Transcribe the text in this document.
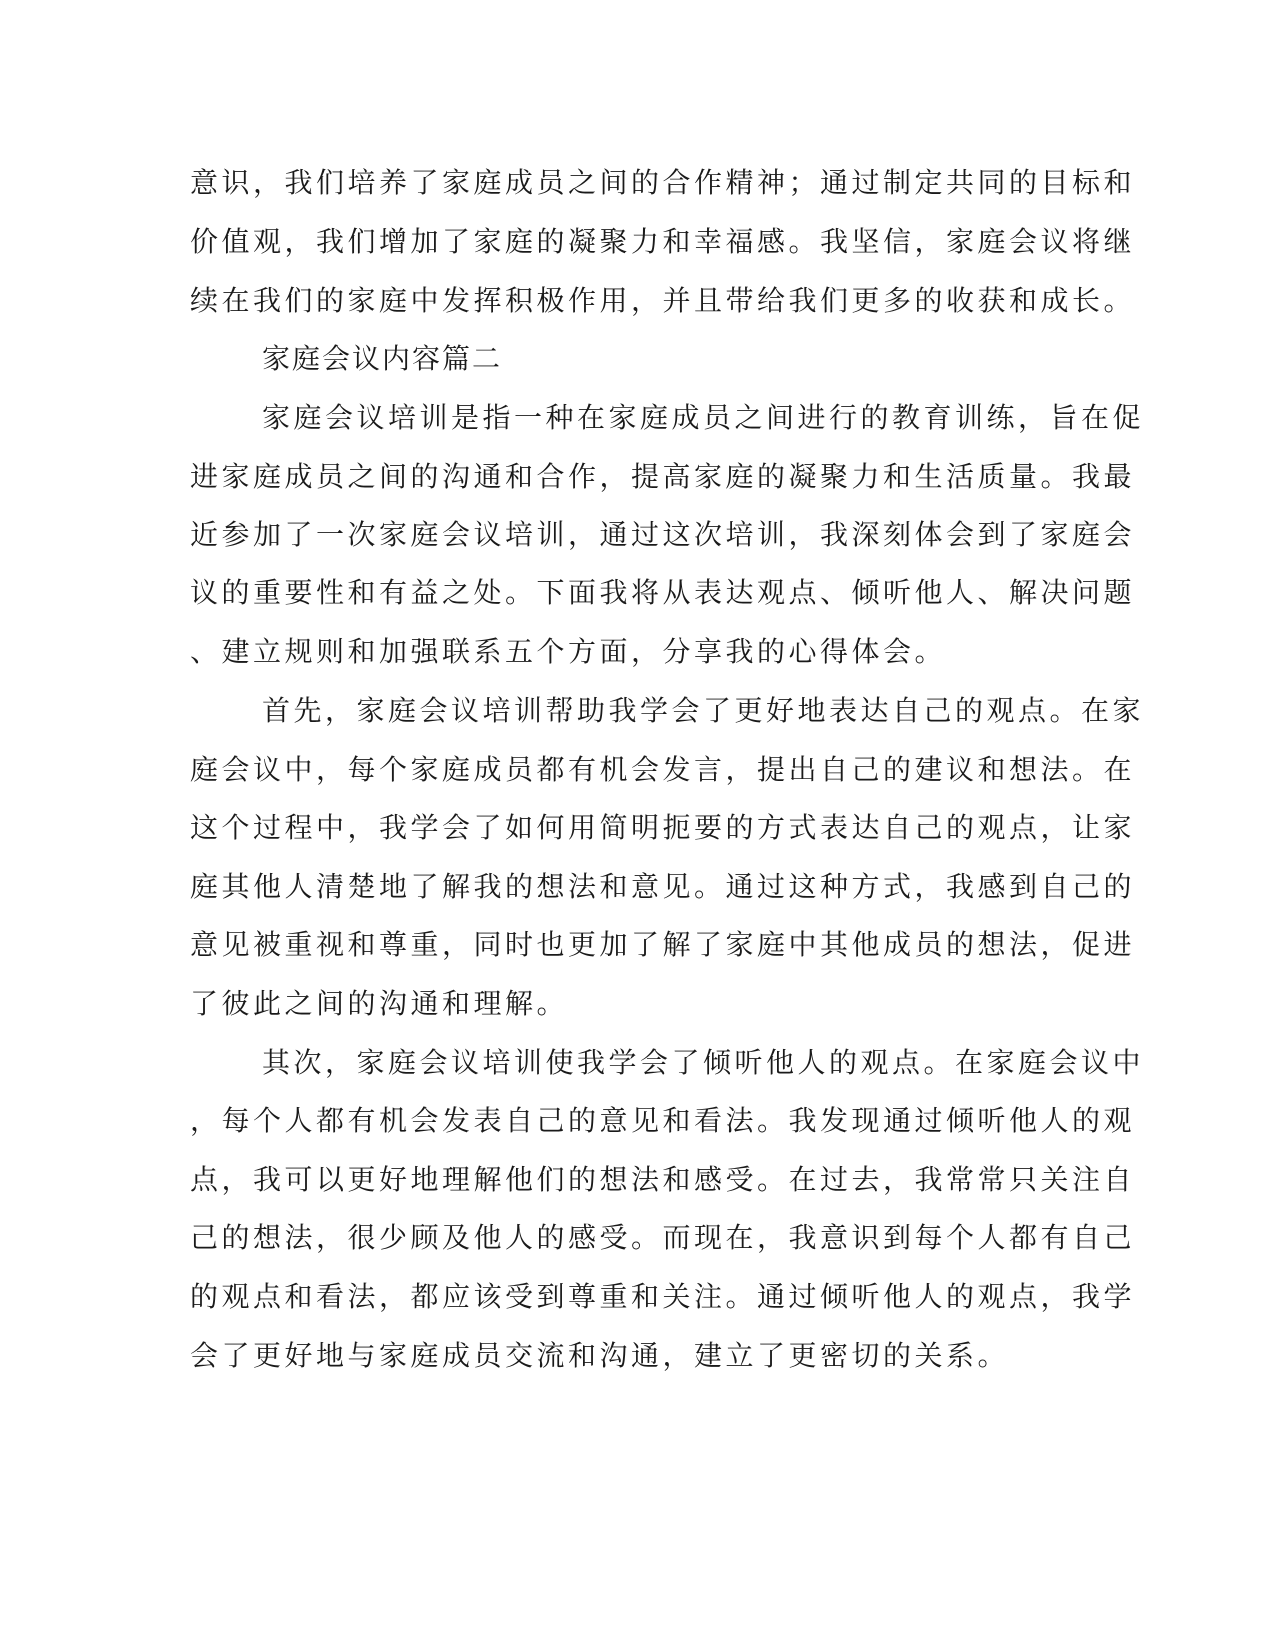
意识，我们培养了家庭成员之间的合作精神；通过制定共同的目标和
价值观，我们增加了家庭的凝聚力和幸福感。我坚信，家庭会议将继
续在我们的家庭中发挥积极作用，并且带给我们更多的收获和成长。
家庭会议内容篇二
家庭会议培训是指一种在家庭成员之间进行的教育训练，旨在促
进家庭成员之间的沟通和合作，提高家庭的凝聚力和生活质量。我最
近参加了一次家庭会议培训，通过这次培训，我深刻体会到了家庭会
议的重要性和有益之处。下面我将从表达观点、倾听他人、解决问题
、建立规则和加强联系五个方面，分享我的心得体会。
首先，家庭会议培训帮助我学会了更好地表达自己的观点。在家
庭会议中，每个家庭成员都有机会发言，提出自己的建议和想法。在
这个过程中，我学会了如何用简明扼要的方式表达自己的观点，让家
庭其他人清楚地了解我的想法和意见。通过这种方式，我感到自己的
意见被重视和尊重，同时也更加了解了家庭中其他成员的想法，促进
了彼此之间的沟通和理解。
其次，家庭会议培训使我学会了倾听他人的观点。在家庭会议中
，每个人都有机会发表自己的意见和看法。我发现通过倾听他人的观
点，我可以更好地理解他们的想法和感受。在过去，我常常只关注自
己的想法，很少顾及他人的感受。而现在，我意识到每个人都有自己
的观点和看法，都应该受到尊重和关注。通过倾听他人的观点，我学
会了更好地与家庭成员交流和沟通，建立了更密切的关系。
